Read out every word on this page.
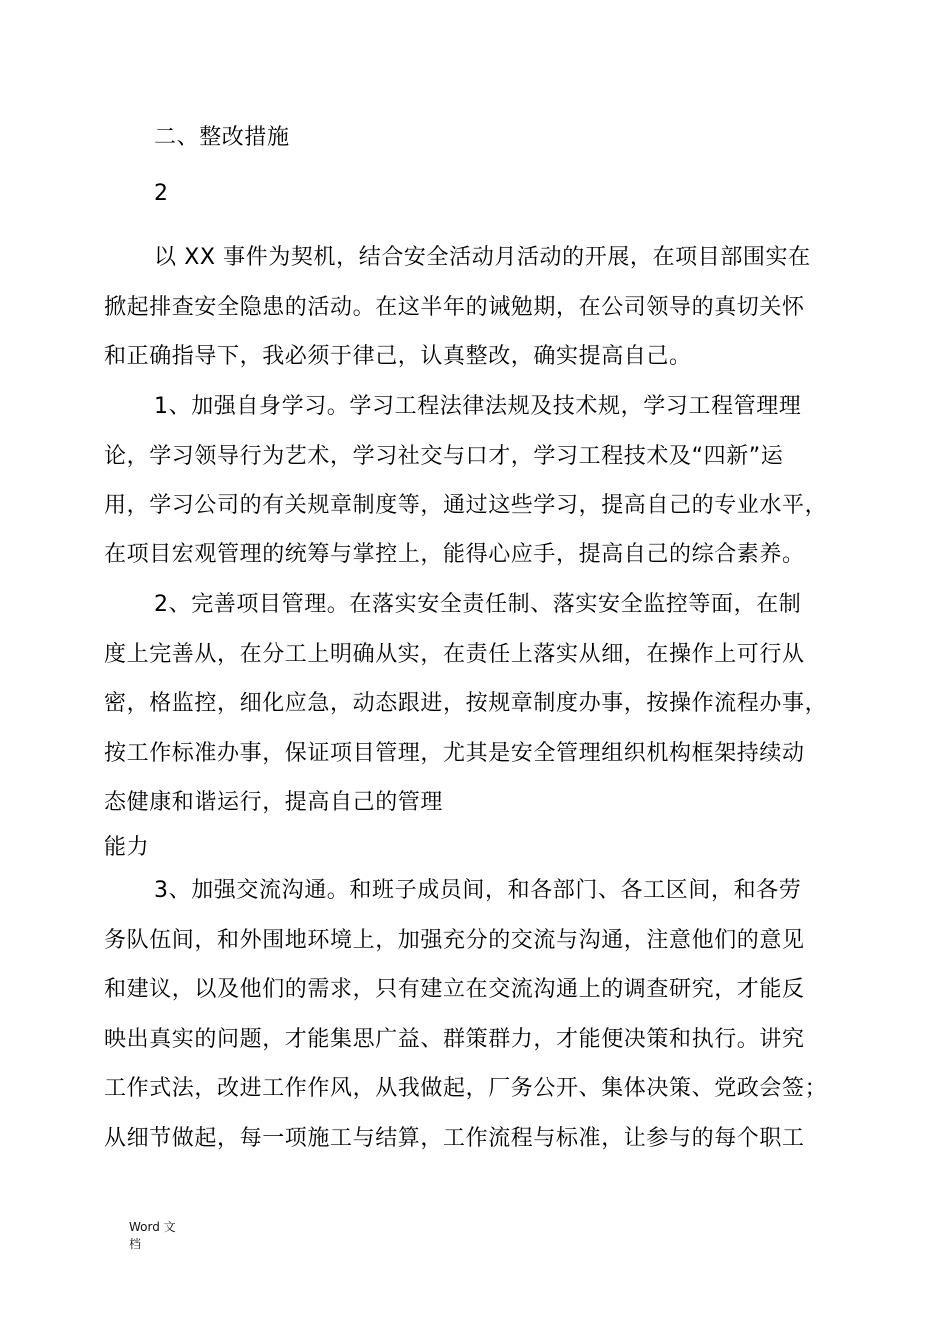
二、整改措施
2
以 XX 事件为契机，结合安全活动月活动的开展，在项目部围实在
掀起排查安全隐患的活动。在这半年的诫勉期，在公司领导的真切关怀
和正确指导下，我必须于律己，认真整改，确实提高自己。
1、加强自身学习。学习工程法律法规及技术规，学习工程管理理
论，学习领导行为艺术，学习社交与口才，学习工程技术及“四新”运
用，学习公司的有关规章制度等，通过这些学习，提高自己的专业水平，
在项目宏观管理的统筹与掌控上，能得心应手，提高自己的综合素养。
2、完善项目管理。在落实安全责任制、落实安全监控等面，在制
度上完善从，在分工上明确从实，在责任上落实从细，在操作上可行从
密，格监控，细化应急，动态跟进，按规章制度办事，按操作流程办事，
按工作标准办事，保证项目管理，尤其是安全管理组织机构框架持续动
态健康和谐运行，提高自己的管理
能力
3、加强交流沟通。和班子成员间，和各部门、各工区间，和各劳
务队伍间，和外围地环境上，加强充分的交流与沟通，注意他们的意见
和建议，以及他们的需求，只有建立在交流沟通上的调查研究，才能反
映出真实的问题，才能集思广益、群策群力，才能便决策和执行。讲究
工作式法，改进工作作风，从我做起，厂务公开、集体决策、党政会签；
从细节做起，每一项施工与结算，工作流程与标准，让参与的每个职工
Word 文
档
